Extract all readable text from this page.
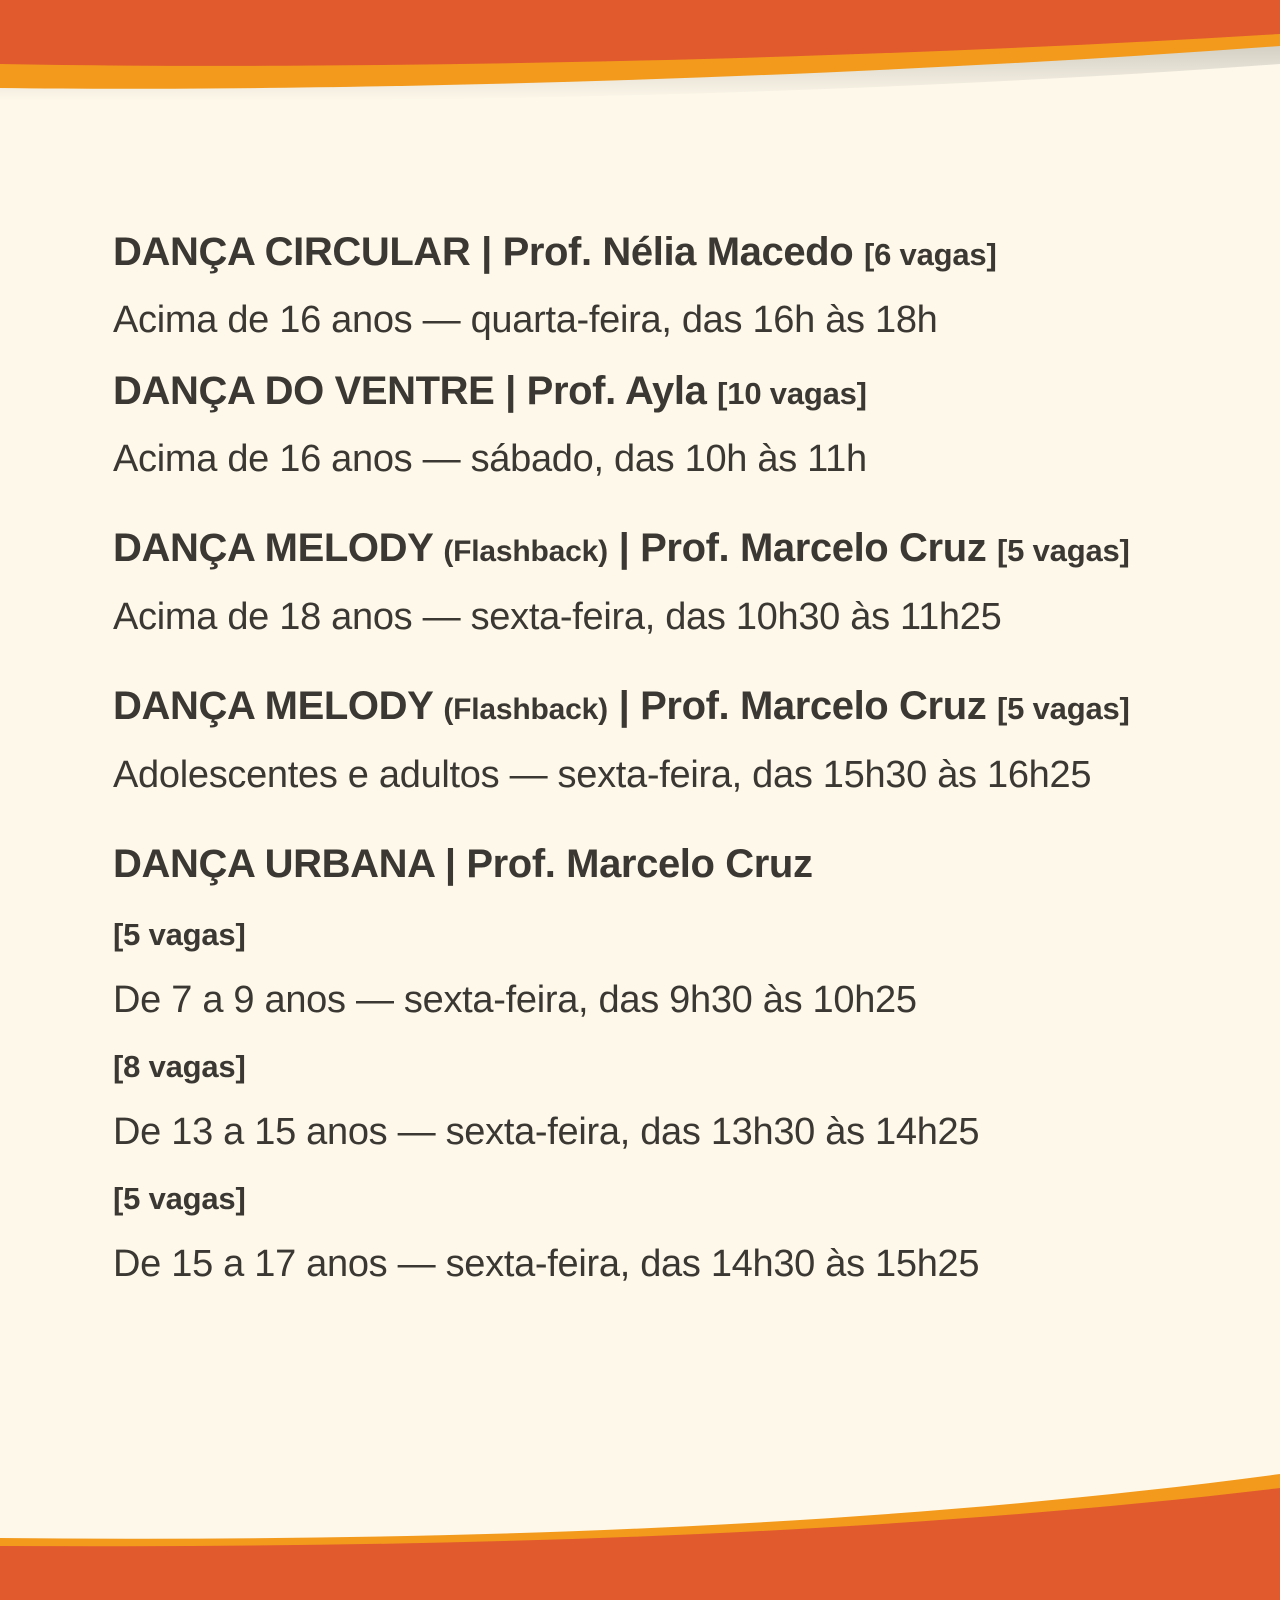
DANÇA CIRCULAR | Prof. Nélia Macedo [6 vagas]

Acima de 16 anos — quarta-feira, das 16h às 18h

DANÇA DO VENTRE | Prof. Ayla [10 vagas]

Acima de 16 anos — sábado, das 10h às 11h

DANÇA MELODY (Flashback) | Prof. Marcelo Cruz [5 vagas]

Acima de 18 anos — sexta-feira, das 10h30 às 11h25

DANÇA MELODY (Flashback) | Prof. Marcelo Cruz [5 vagas]

Adolescentes e adultos — sexta-feira, das 15h30 às 16h25

DANÇA URBANA | Prof. Marcelo Cruz

[5 vagas]

De 7 a 9 anos — sexta-feira, das 9h30 às 10h25

[8 vagas]

De 13 a 15 anos — sexta-feira, das 13h30 às 14h25

[5 vagas]

De 15 a 17 anos — sexta-feira, das 14h30 às 15h25
